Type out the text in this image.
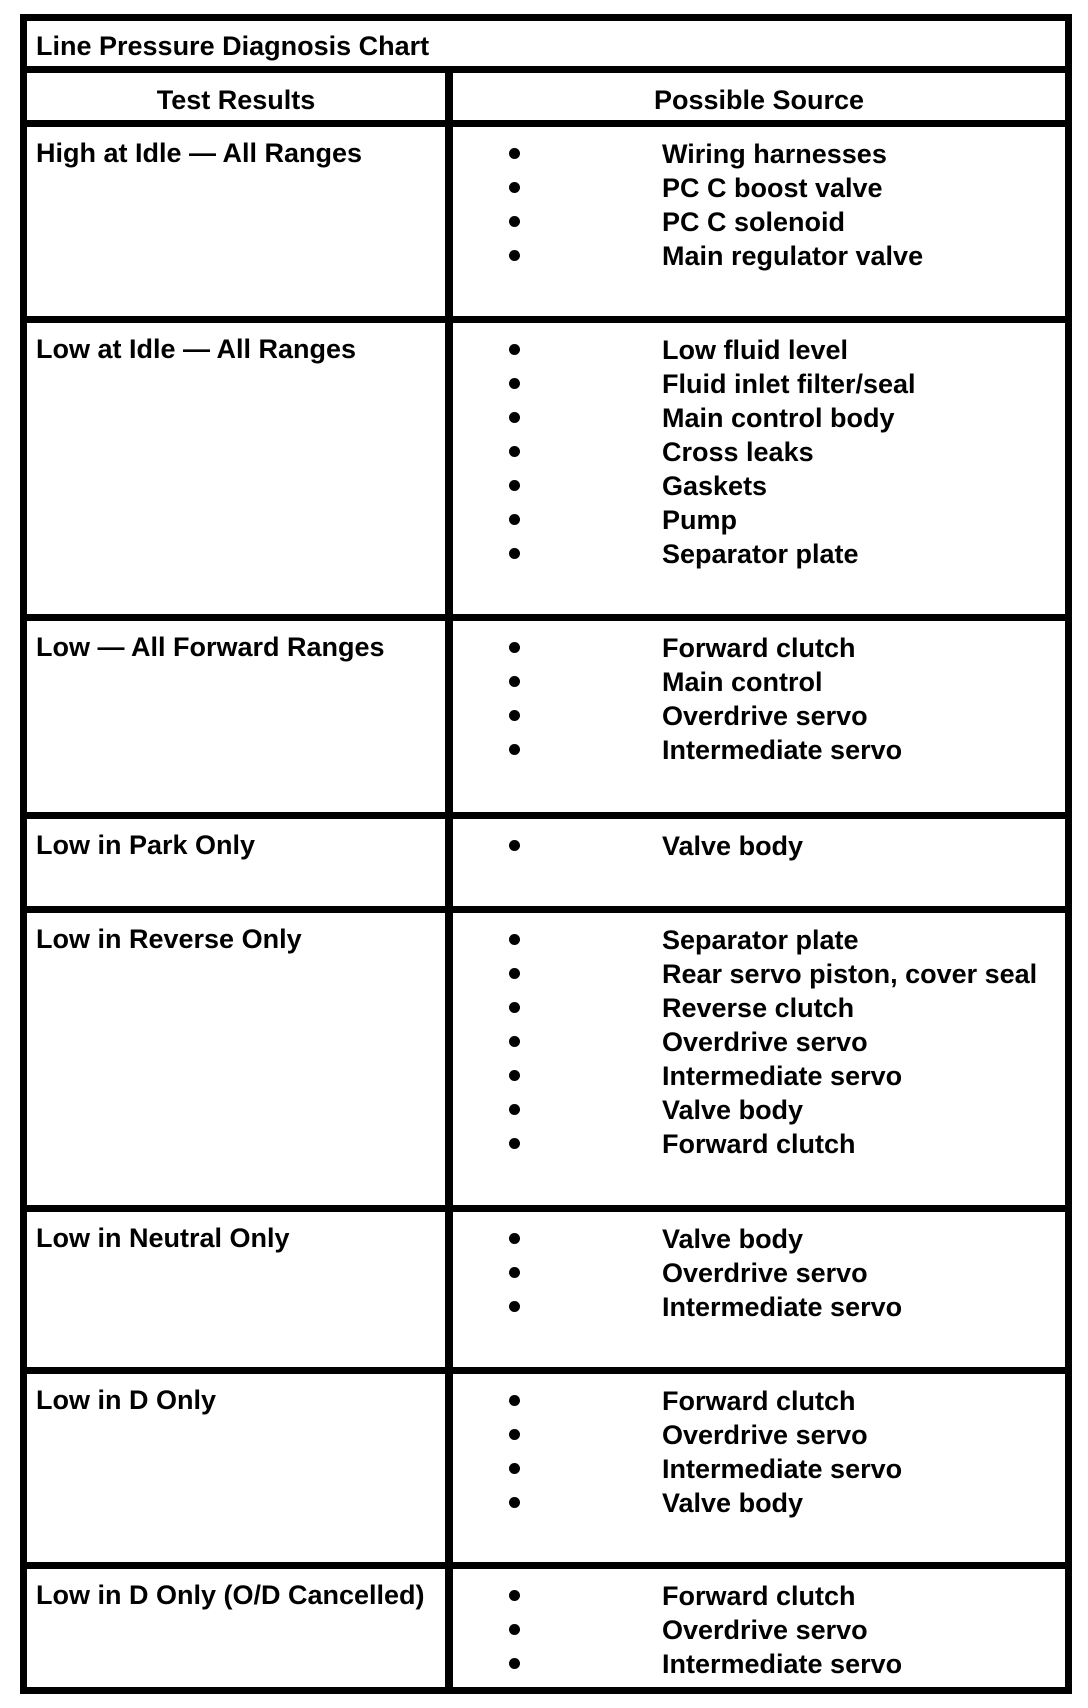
Line Pressure Diagnosis Chart
Test Results	Possible Source
High at Idle — All Ranges	Wiring harnesses
PC C boost valve
PC C solenoid
Main regulator valve
Low at Idle — All Ranges	Low fluid level
Fluid inlet filter/seal
Main control body
Cross leaks
Gaskets
Pump
Separator plate
Low — All Forward Ranges	Forward clutch
Main control
Overdrive servo
Intermediate servo
Low in Park Only	Valve body
Low in Reverse Only	Separator plate
Rear servo piston, cover seal
Reverse clutch
Overdrive servo
Intermediate servo
Valve body
Forward clutch
Low in Neutral Only	Valve body
Overdrive servo
Intermediate servo
Low in D Only	Forward clutch
Overdrive servo
Intermediate servo
Valve body
Low in D Only (O/D Cancelled)	Forward clutch
Overdrive servo
Intermediate servo
